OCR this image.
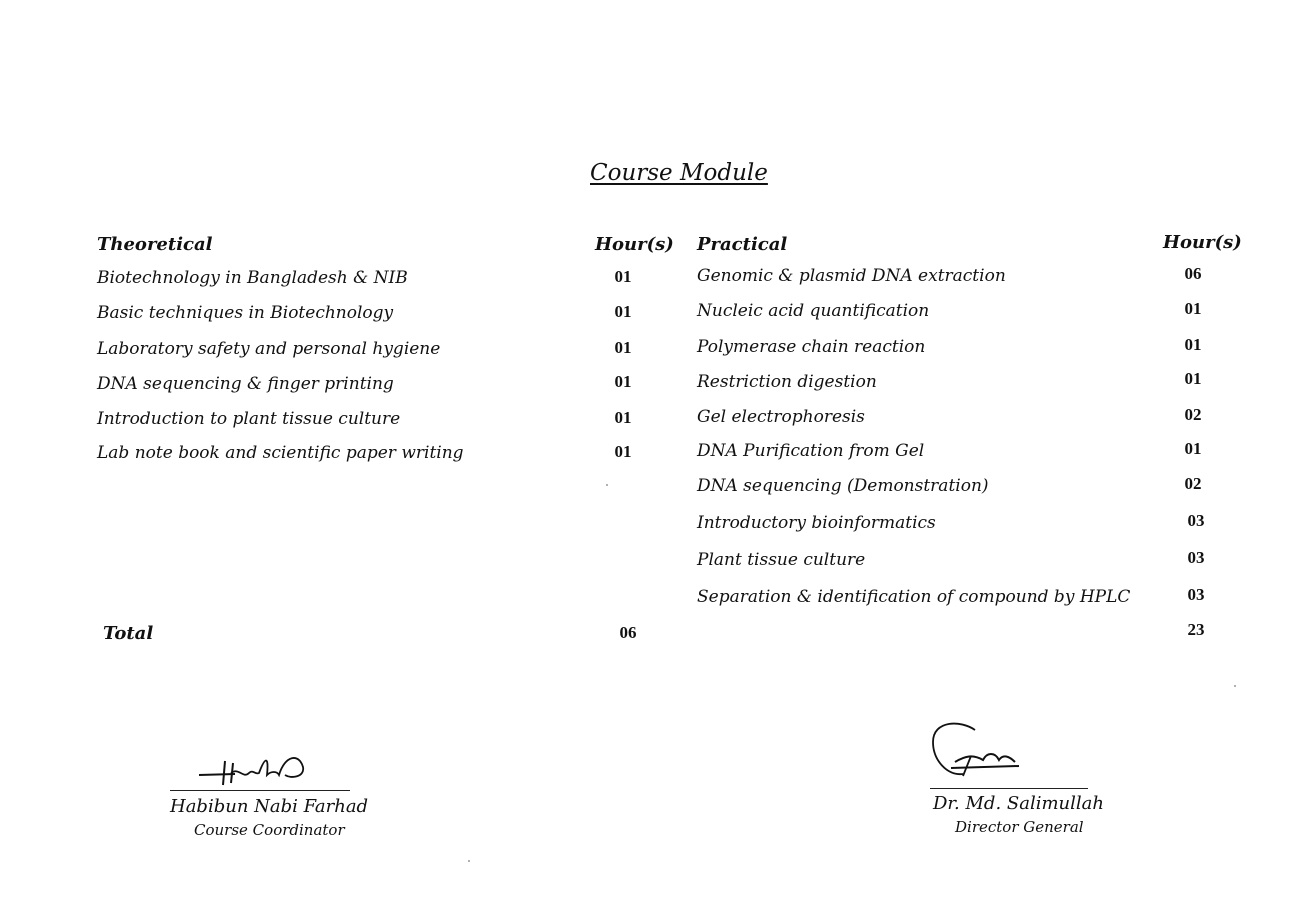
Course Module
Theoretical	Hour(s) Practical	Hour(s)
Biotechnology in Bangladesh & NIB	01
Basic techniques in Biotechnology	01
Laboratory safety and personal hygiene	01
DNA sequencing & finger printing	01
Introduction to plant tissue culture	01
Lab note book and scientific paper writing	01
Genomic & plasmid DNA extraction	06
Nucleic acid quantification	01
Polymerase chain reaction	01
Restriction digestion	01
Gel electrophoresis	02
DNA Purification from Gel	01
DNA sequencing (Demonstration)	02
Introductory bioinformatics	03
Plant tissue culture	03
Separation & identification of compound by HPLC	03
Total	06	23
Habibun Nabi Farhad
Course Coordinator
Dr. Md. Salimullah
Director General
